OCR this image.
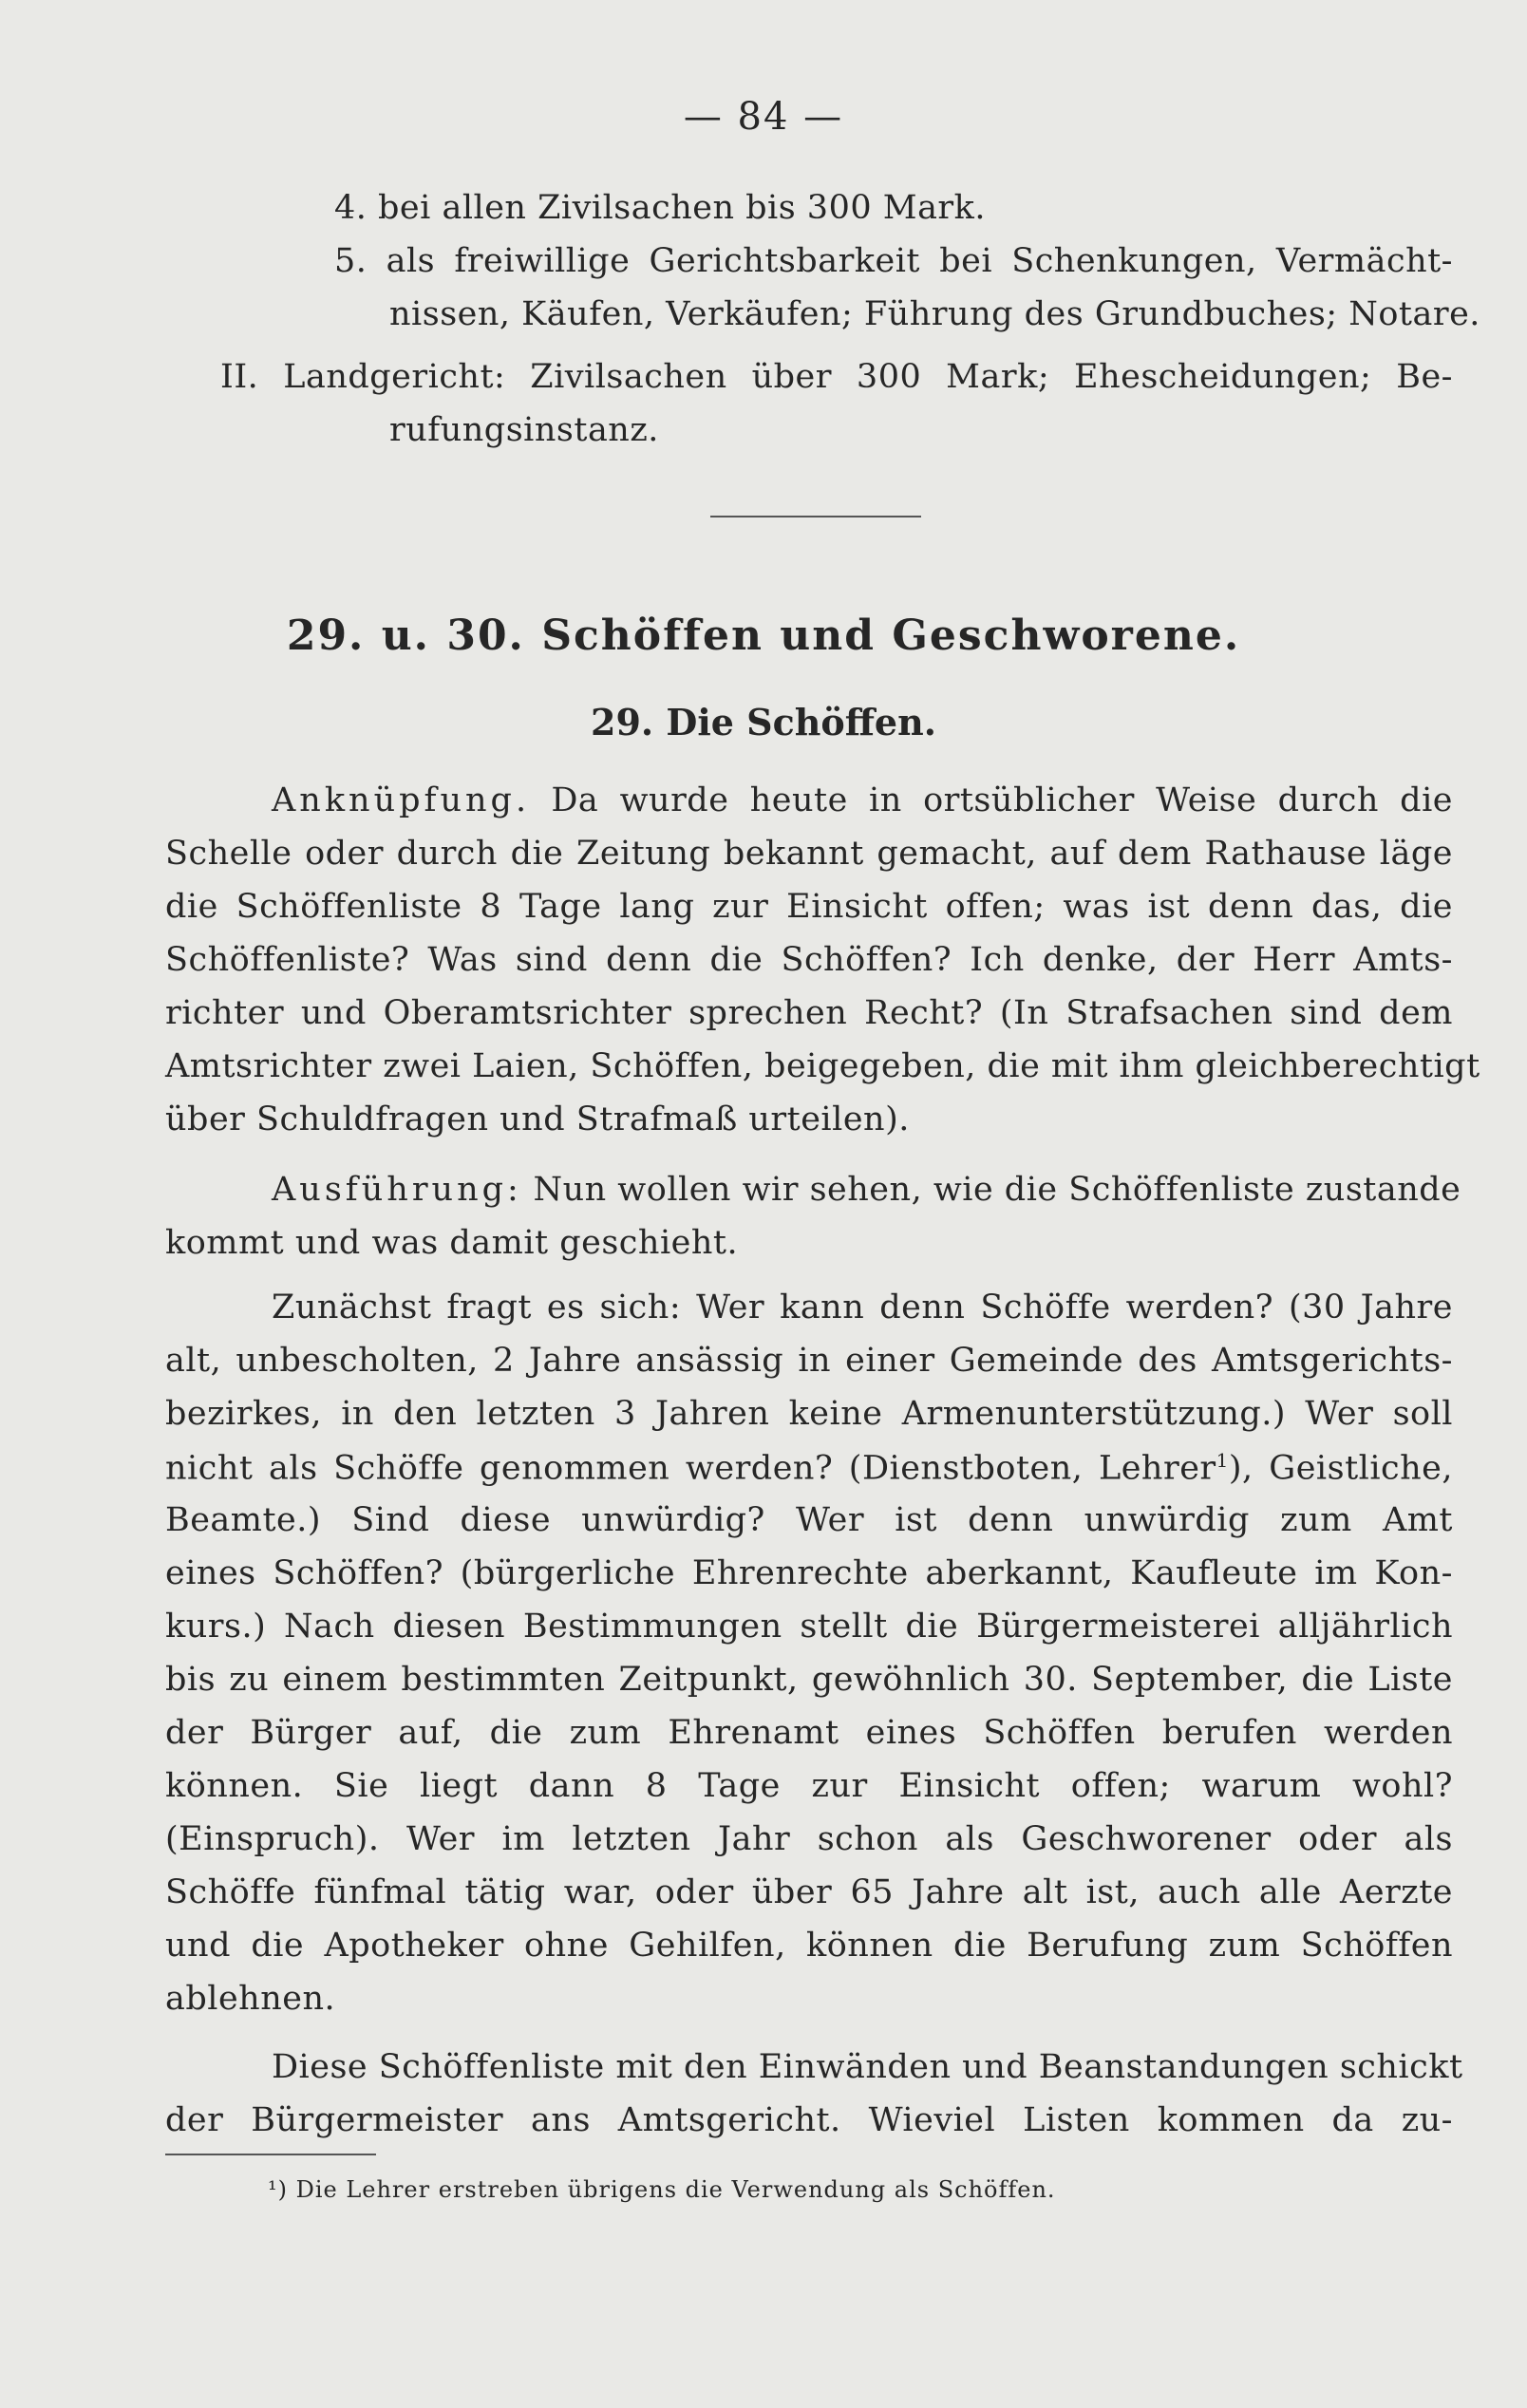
— 84 —
4. bei allen Zivilsachen bis 300 Mark.
5. als freiwillige Gerichtsbarkeit bei Schenkungen, Vermächt-
nissen, Käufen, Verkäufen; Führung des Grundbuches; Notare.
II. Landgericht: Zivilsachen über 300 Mark; Ehescheidungen; Be-
rufungsinstanz.
29. u. 30. Schöffen und Geschworene.
29. Die Schöffen.
Anknüpfung. Da wurde heute in ortsüblicher Weise durch die
Schelle oder durch die Zeitung bekannt gemacht, auf dem Rathause läge
die Schöffenliste 8 Tage lang zur Einsicht offen; was ist denn das, die
Schöffenliste? Was sind denn die Schöffen? Ich denke, der Herr Amts-
richter und Oberamtsrichter sprechen Recht? (In Strafsachen sind dem
Amtsrichter zwei Laien, Schöffen, beigegeben, die mit ihm gleichberechtigt
über Schuldfragen und Strafmaß urteilen).
Ausführung: Nun wollen wir sehen, wie die Schöffenliste zustande
kommt und was damit geschieht.
Zunächst fragt es sich: Wer kann denn Schöffe werden? (30 Jahre
alt, unbescholten, 2 Jahre ansässig in einer Gemeinde des Amtsgerichts-
bezirkes, in den letzten 3 Jahren keine Armenunterstützung.) Wer soll
nicht als Schöffe genommen werden? (Dienstboten, Lehrer$^1$), Geistliche,
Beamte.) Sind diese unwürdig? Wer ist denn unwürdig zum Amt
eines Schöffen? (bürgerliche Ehrenrechte aberkannt, Kaufleute im Kon-
kurs.) Nach diesen Bestimmungen stellt die Bürgermeisterei alljährlich
bis zu einem bestimmten Zeitpunkt, gewöhnlich 30. September, die Liste
der Bürger auf, die zum Ehrenamt eines Schöffen berufen werden
können. Sie liegt dann 8 Tage zur Einsicht offen; warum wohl?
(Einspruch). Wer im letzten Jahr schon als Geschworener oder als
Schöffe fünfmal tätig war, oder über 65 Jahre alt ist, auch alle Aerzte
und die Apotheker ohne Gehilfen, können die Berufung zum Schöffen
ablehnen.
Diese Schöffenliste mit den Einwänden und Beanstandungen schickt
der Bürgermeister ans Amtsgericht. Wieviel Listen kommen da zu-
¹) Die Lehrer erstreben übrigens die Verwendung als Schöffen.
